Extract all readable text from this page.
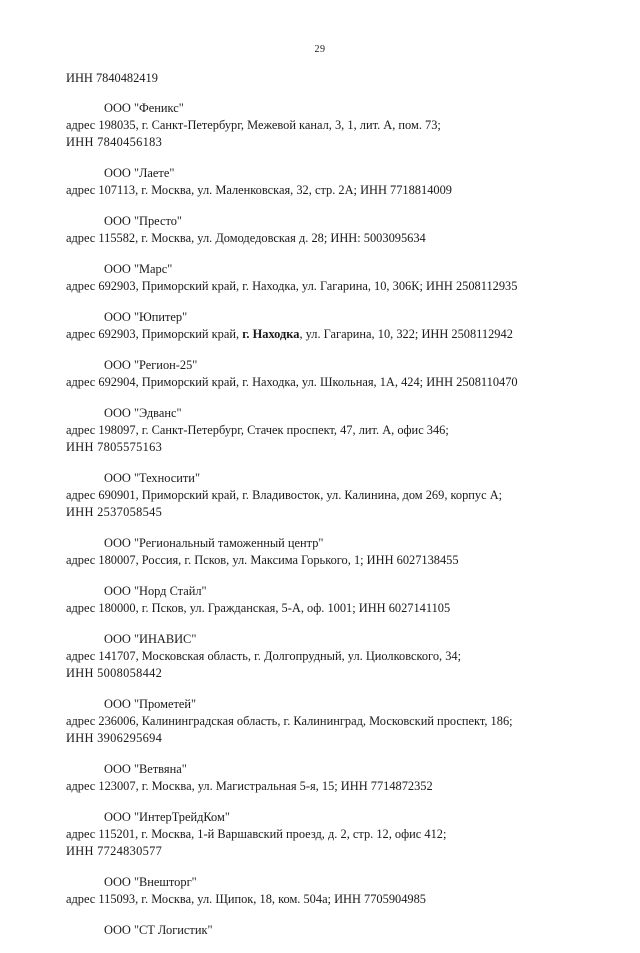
29
ИНН 7840482419
ООО "Феникс"
адрес 198035, г. Санкт-Петербург, Межевой канал, 3, 1, лит. А, пом. 73;
ИНН 7840456183
ООО "Лаете"
адрес 107113, г. Москва, ул. Маленковская, 32, стр. 2А; ИНН 7718814009
ООО "Престо"
адрес 115582, г. Москва, ул. Домодедовская д. 28; ИНН: 5003095634
ООО "Марс"
адрес 692903, Приморский край, г. Находка, ул. Гагарина, 10, 306К; ИНН 2508112935
ООО "Юпитер"
адрес 692903, Приморский край, г. Находка, ул. Гагарина, 10, 322; ИНН 2508112942
ООО "Регион-25"
адрес 692904, Приморский край, г. Находка, ул. Школьная, 1А, 424; ИНН 2508110470
ООО "Эдванс"
адрес 198097, г. Санкт-Петербург, Стачек проспект, 47, лит. А, офис 346;
ИНН 7805575163
ООО "Техносити"
адрес 690901, Приморский край, г. Владивосток, ул. Калинина, дом 269, корпус А;
ИНН 2537058545
ООО "Региональный таможенный центр"
адрес 180007, Россия, г. Псков, ул. Максима Горького, 1; ИНН 6027138455
ООО "Норд Стайл"
адрес 180000, г. Псков, ул. Гражданская, 5-А, оф. 1001; ИНН 6027141105
ООО "ИНАВИС"
адрес 141707, Московская область, г. Долгопрудный, ул. Циолковского, 34;
ИНН 5008058442
ООО "Прометей"
адрес 236006, Калининградская область, г. Калининград, Московский проспект, 186;
ИНН 3906295694
ООО "Ветвяна"
адрес 123007, г. Москва, ул. Магистральная 5-я, 15; ИНН 7714872352
ООО "ИнтерТрейдКом"
адрес 115201, г. Москва, 1-й Варшавский проезд, д. 2, стр. 12, офис 412;
ИНН 7724830577
ООО "Внешторг"
адрес 115093, г. Москва, ул. Щипок, 18, ком. 504а; ИНН 7705904985
ООО "СТ Логистик"
